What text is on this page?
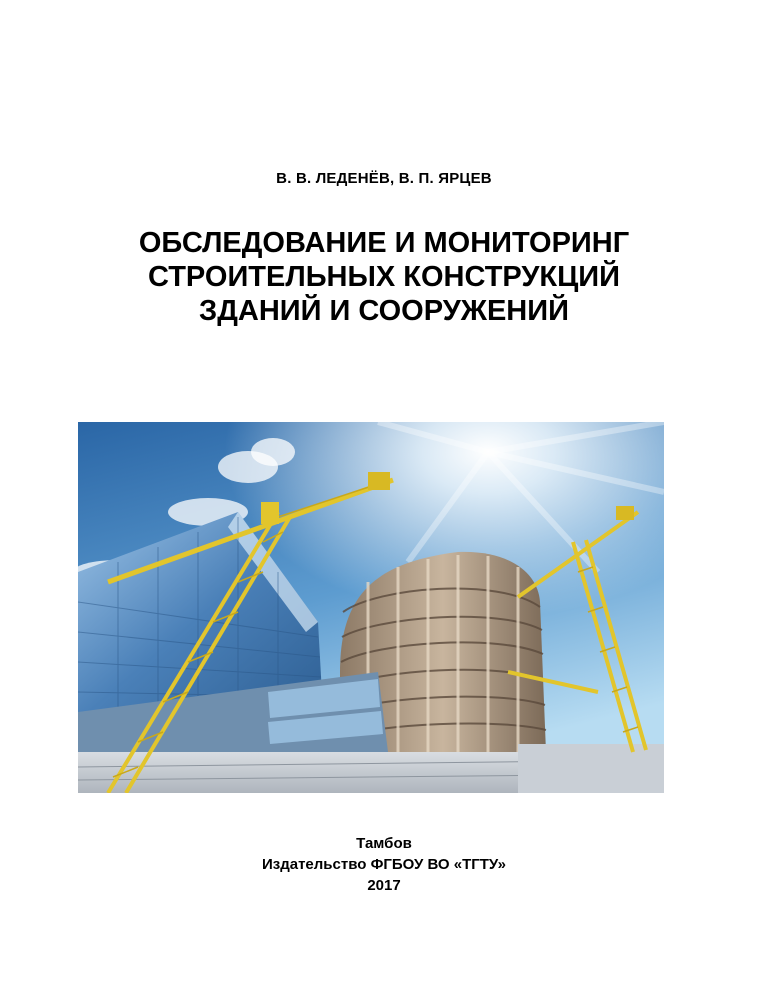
В. В. ЛЕДЕНЁВ, В. П. ЯРЦЕВ
ОБСЛЕДОВАНИЕ И МОНИТОРИНГ
СТРОИТЕЛЬНЫХ КОНСТРУКЦИЙ
ЗДАНИЙ И СООРУЖЕНИЙ
Тамбов
Издательство ФГБОУ ВО «ТГТУ»
2017
